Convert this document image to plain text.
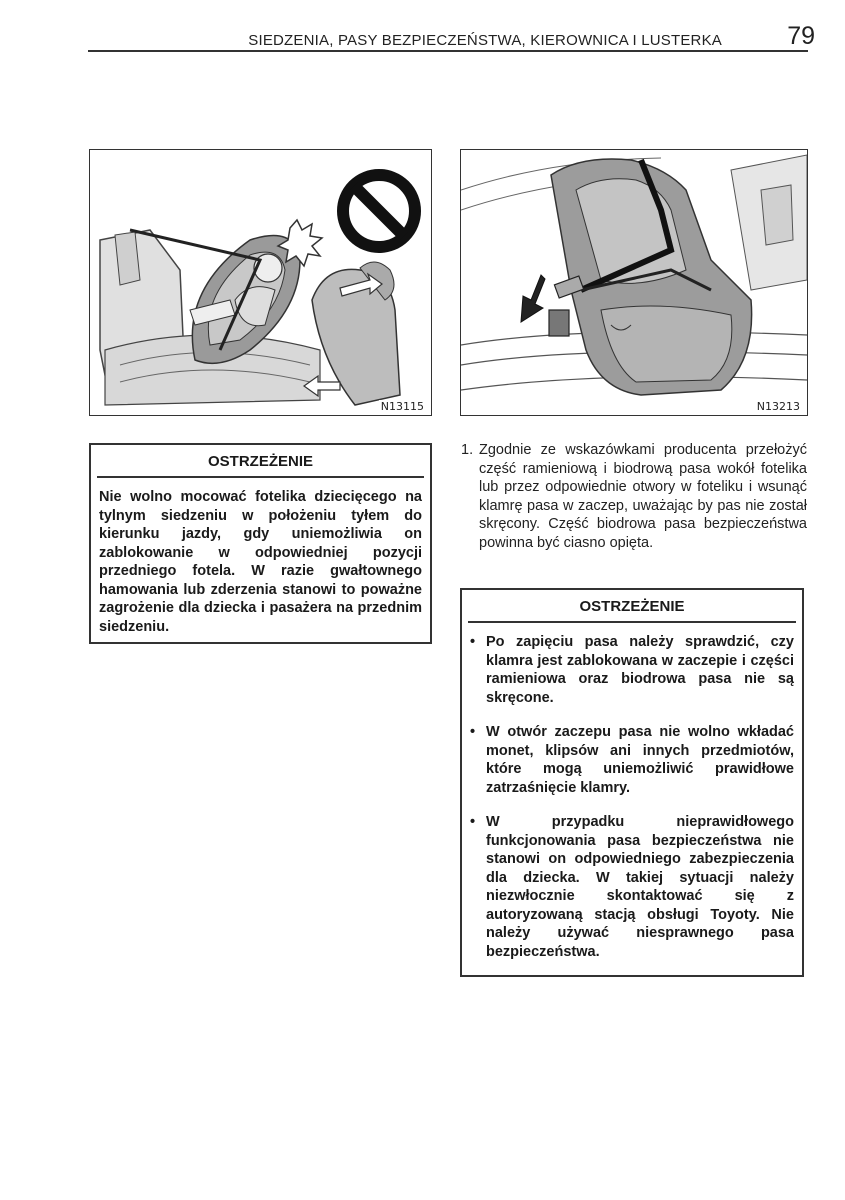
SIEDZENIA, PASY BEZPIECZEŃSTWA, KIEROWNICA I LUSTERKA	79
N13115	N13213
OSTRZEŻENIE
Nie wolno mocować fotelika dziecięcego na tylnym siedzeniu w położeniu tyłem do kierunku jazdy, gdy uniemożliwia on zablokowanie w odpowiedniej pozycji przedniego fotela. W razie gwałtownego hamowania lub zderzenia stanowi to poważne zagrożenie dla dziecka i pasażera na przednim siedzeniu.
1. Zgodnie ze wskazówkami producenta przełożyć część ramieniową i biodrową pasa wokół fotelika lub przez odpowiednie otwory w foteliku i wsunąć klamrę pasa w zaczep, uważając by pas nie został skręcony. Część biodrowa pasa bezpieczeństwa powinna być ciasno opięta.
OSTRZEŻENIE
• Po zapięciu pasa należy sprawdzić, czy klamra jest zablokowana w zaczepie i części ramieniowa oraz biodrowa pasa nie są skręcone.
• W otwór zaczepu pasa nie wolno wkładać monet, klipsów ani innych przedmiotów, które mogą uniemożliwić prawidłowe zatrzaśnięcie klamry.
• W przypadku nieprawidłowego funkcjonowania pasa bezpieczeństwa nie stanowi on odpowiedniego zabezpieczenia dla dziecka. W takiej sytuacji należy niezwłocznie skontaktować się z autoryzowaną stacją obsługi Toyoty. Nie należy używać niesprawnego pasa bezpieczeństwa.
